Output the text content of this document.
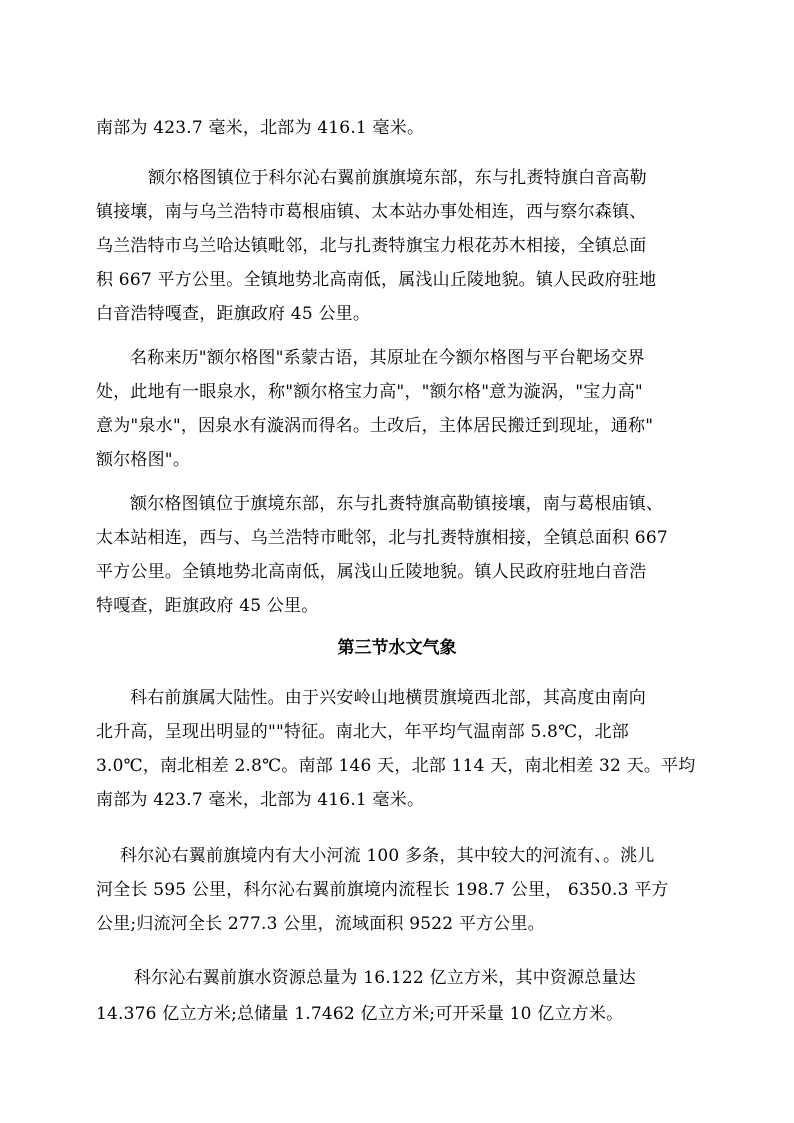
南部为 423.7 毫米，北部为 416.1 毫米。
额尔格图镇位于科尔沁右翼前旗旗境东部，东与扎赉特旗白音高勒
镇接壤，南与乌兰浩特市葛根庙镇、太本站办事处相连，西与察尔森镇、
乌兰浩特市乌兰哈达镇毗邻，北与扎赉特旗宝力根花苏木相接，全镇总面
积 667 平方公里。全镇地势北高南低，属浅山丘陵地貌。镇人民政府驻地
白音浩特嘎查，距旗政府 45 公里。
名称来历"额尔格图"系蒙古语，其原址在今额尔格图与平台靶场交界
处，此地有一眼泉水，称"额尔格宝力高"，"额尔格"意为漩涡，"宝力高"
意为"泉水"，因泉水有漩涡而得名。土改后，主体居民搬迁到现址，通称"
额尔格图"。
额尔格图镇位于旗境东部，东与扎赉特旗高勒镇接壤，南与葛根庙镇、
太本站相连，西与、乌兰浩特市毗邻，北与扎赉特旗相接，全镇总面积 667
平方公里。全镇地势北高南低，属浅山丘陵地貌。镇人民政府驻地白音浩
特嘎查，距旗政府 45 公里。
第三节水文气象
科右前旗属大陆性。由于兴安岭山地横贯旗境西北部，其高度由南向
北升高，呈现出明显的""特征。南北大，年平均气温南部 5.8℃，北部
3.0℃，南北相差 2.8℃。南部 146 天，北部 114 天，南北相差 32 天。平均
南部为 423.7 毫米，北部为 416.1 毫米。
科尔沁右翼前旗境内有大小河流 100 多条，其中较大的河流有、。洮儿
河全长 595 公里，科尔沁右翼前旗境内流程长 198.7 公里， 6350.3 平方
公里;归流河全长 277.3 公里，流域面积 9522 平方公里。
科尔沁右翼前旗水资源总量为 16.122 亿立方米，其中资源总量达
14.376 亿立方米;总储量 1.7462 亿立方米;可开采量 10 亿立方米。
